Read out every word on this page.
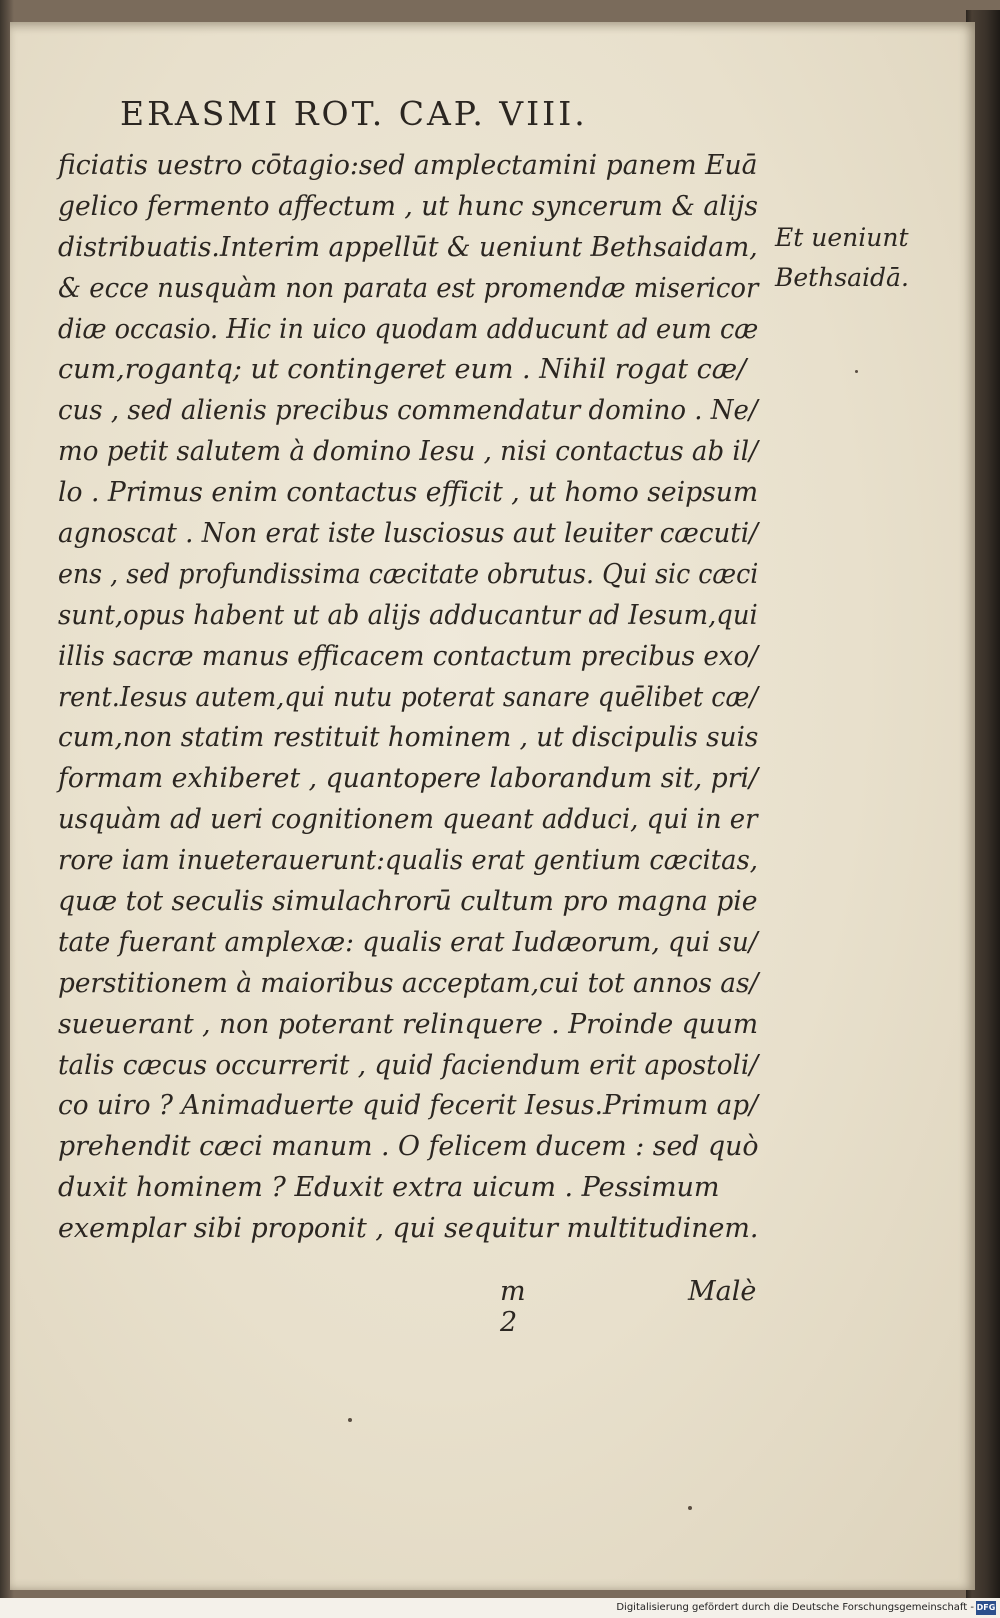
ERASMI ROT. CAP. VIII.
ficiatis uestro cōtagio:sed amplectamini panem Euā
gelico fermento affectum , ut hunc syncerum & alijs
distribuatis.Interim appellūt & ueniunt Bethsaidam,
& ecce nusquàm non parata est promendæ misericor
diæ occasio. Hic in uico quodam adducunt ad eum cæ
cum,rogantq; ut contingeret eum . Nihil rogat cæ/
cus , sed alienis precibus commendatur domino . Ne/
mo petit salutem à domino Iesu , nisi contactus ab il/
lo . Primus enim contactus efficit , ut homo seipsum
agnoscat . Non erat iste lusciosus aut leuiter cæcuti/
ens , sed profundissima cæcitate obrutus. Qui sic cæci
sunt,opus habent ut ab alijs adducantur ad Iesum,qui
illis sacræ manus efficacem contactum precibus exo/
rent.Iesus autem,qui nutu poterat sanare quēlibet cæ/
cum,non statim restituit hominem , ut discipulis suis
formam exhiberet , quantopere laborandum sit, pri/
usquàm ad ueri cognitionem queant adduci, qui in er
rore iam inueterauerunt:qualis erat gentium cæcitas,
quæ tot seculis simulachrorū cultum pro magna pie
tate fuerant amplexæ: qualis erat Iudæorum, qui su/
perstitionem à maioribus acceptam,cui tot annos as/
sueuerant , non poterant relinquere . Proinde quum
talis cæcus occurrerit , quid faciendum erit apostoli/
co uiro ? Animaduerte quid fecerit Iesus.Primum ap/
prehendit cæci manum . O felicem ducem : sed quò
duxit hominem ? Eduxit extra uicum . Pessimum
exemplar sibi proponit , qui sequitur multitudinem.
Et ueniunt
Bethsaidā.
m 2
Malè
Digitalisierung gefördert durch die Deutsche Forschungsgemeinschaft - DFG
